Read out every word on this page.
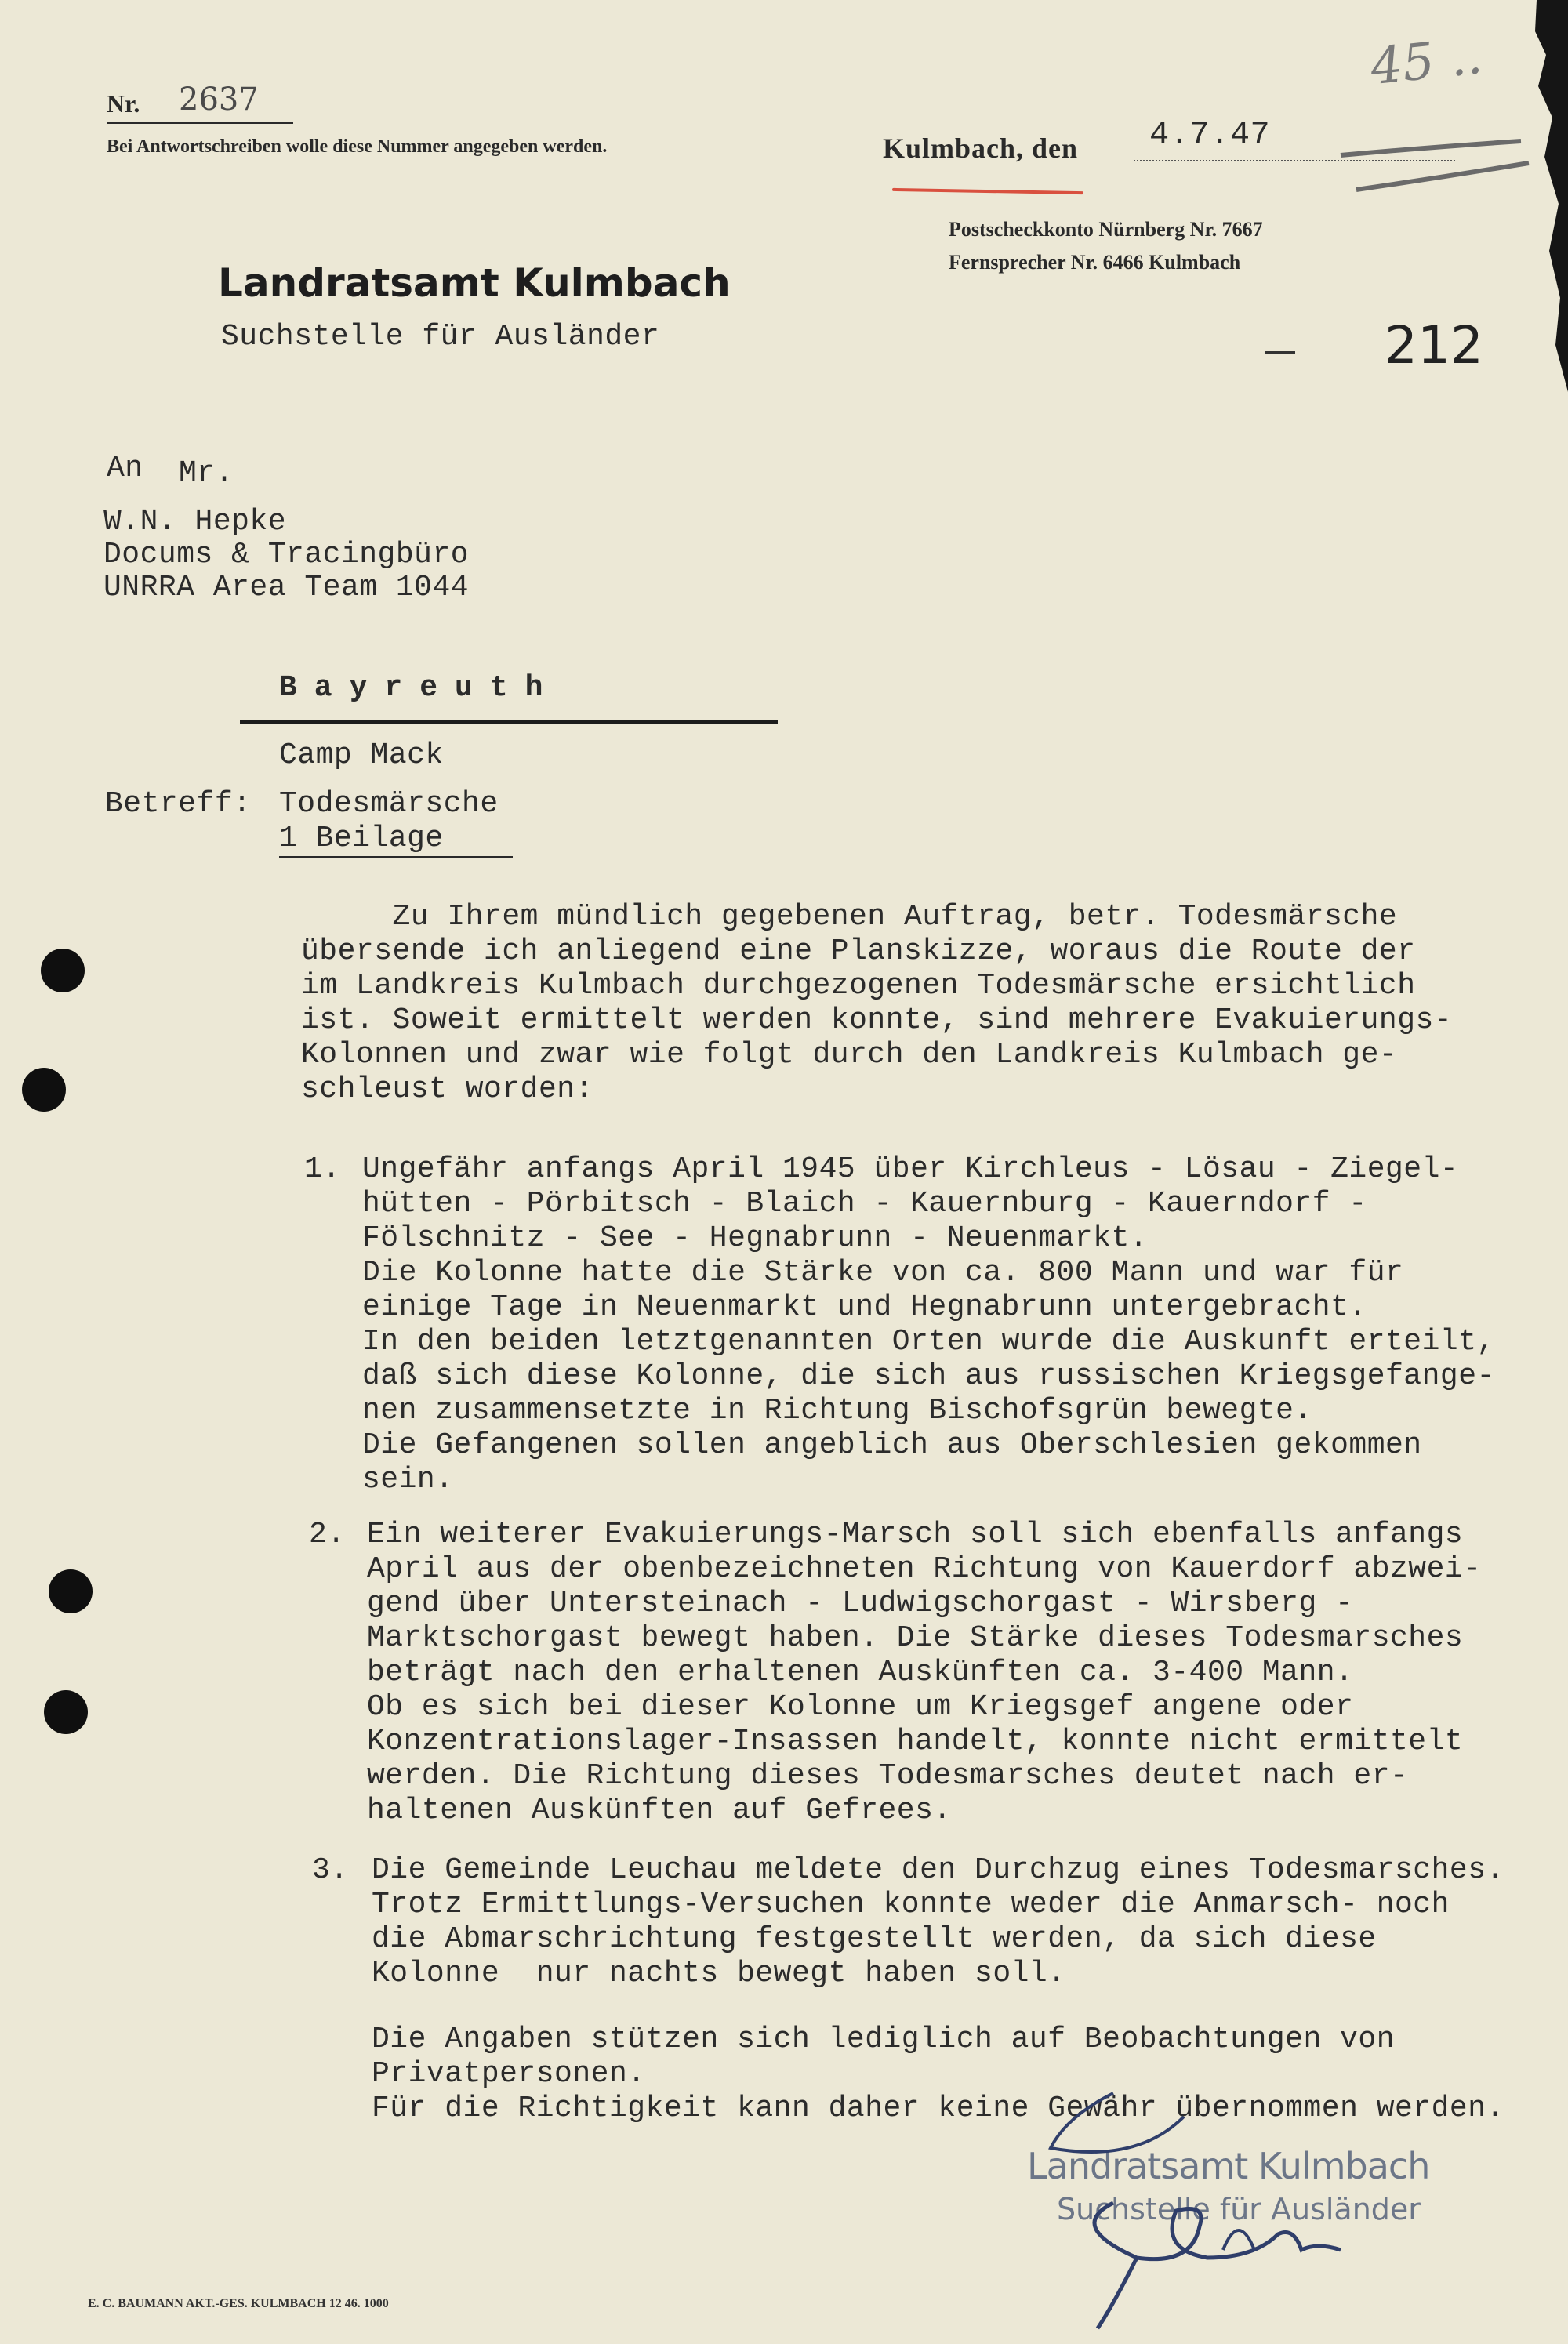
Nr. 2637
Bei Antwortschreiben wolle diese Nummer angegeben werden.	Kulmbach, den 4.7.47
45 ..
Postscheckkonto Nürnberg Nr. 7667
Fernsprecher Nr. 6466 Kulmbach
Landratsamt Kulmbach
Suchstelle für Ausländer	212
An Mr.
W.N. Hepke
Docums & Tracingbüro
UNRRA Area Team 1044
Bayreuth
Camp Mack
Betreff: Todesmärsche
1 Beilage
Zu Ihrem mündlich gegebenen Auftrag, betr. Todesmärsche
übersende ich anliegend eine Planskizze, woraus die Route der
im Landkreis Kulmbach durchgezogenen Todesmärsche ersichtlich
ist. Soweit ermittelt werden konnte, sind mehrere Evakuierungs-
Kolonnen und zwar wie folgt durch den Landkreis Kulmbach ge-
schleust worden:
1. Ungefähr anfangs April 1945 über Kirchleus - Lösau - Ziegel-
hütten - Pörbitsch - Blaich - Kauernburg - Kauerndorf -
Fölschnitz - See - Hegnabrunn - Neuenmarkt.
Die Kolonne hatte die Stärke von ca. 800 Mann und war für
einige Tage in Neuenmarkt und Hegnabrunn untergebracht.
In den beiden letztgenannten Orten wurde die Auskunft erteilt,
daß sich diese Kolonne, die sich aus russischen Kriegsgefange-
nen zusammensetzte in Richtung Bischofsgrün bewegte.
Die Gefangenen sollen angeblich aus Oberschlesien gekommen
sein.
2. Ein weiterer Evakuierungs-Marsch soll sich ebenfalls anfangs
April aus der obenbezeichneten Richtung von Kauerdorf abzwei-
gend über Untersteinach - Ludwigschorgast - Wirsberg -
Marktschorgast bewegt haben. Die Stärke dieses Todesmarsches
beträgt nach den erhaltenen Auskünften ca. 3-400 Mann.
Ob es sich bei dieser Kolonne um Kriegsgef angene oder
Konzentrationslager-Insassen handelt, konnte nicht ermittelt
werden. Die Richtung dieses Todesmarsches deutet nach er-
haltenen Auskünften auf Gefrees.
3. Die Gemeinde Leuchau meldete den Durchzug eines Todesmarsches.
Trotz Ermittlungs-Versuchen konnte weder die Anmarsch- noch
die Abmarschrichtung festgestellt werden, da sich diese
Kolonne  nur nachts bewegt haben soll.
Die Angaben stützen sich lediglich auf Beobachtungen von
Privatpersonen.
Für die Richtigkeit kann daher keine Gewähr übernommen werden.
Landratsamt Kulmbach
Suchstelle für Ausländer
E. C. BAUMANN AKT.-GES. KULMBACH 12 46. 1000
